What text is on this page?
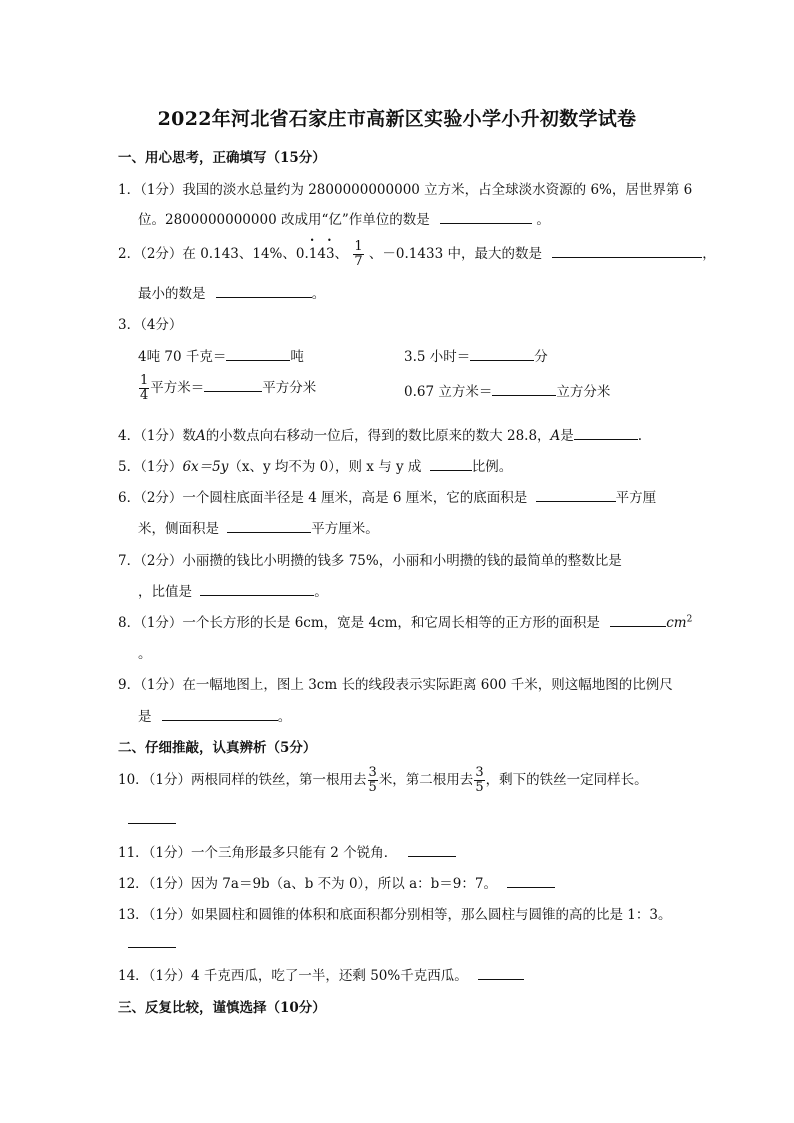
2022年河北省石家庄市高新区实验小学小升初数学试卷
一、用心思考，正确填写（15分）
1．（1分）我国的淡水总量约为 2800000000000 立方米，占全球淡水资源的 6%，居世界第 6
位。2800000000000 改成用“亿”作单位的数是	。
2．（2分）在 0.143、14%、0.• 14• 3、 $\frac{1}{7}$ 、－0.1433 中，最大的数是	，
最小的数是	。
3．（4分）
4吨 70 千克＝	吨	3.5 小时＝	分
$\frac{1}{4}$ 平方米＝	平方分米	0.67 立方米＝	立方分米
4．（1分）数A的小数点向右移动一位后，得到的数比原来的数大 28.8，A是	.
5．（1分）6x＝5y（x、y 均不为 0），则 x 与 y 成	比例。
6．（2分）一个圆柱底面半径是 4 厘米，高是 6 厘米，它的底面积是	平方厘
米，侧面积是	平方厘米。
7．（2分）小丽攒的钱比小明攒的钱多 75%，小丽和小明攒的钱的最简单的整数比是
，比值是	。
8．（1分）一个长方形的长是 6cm，宽是 4cm，和它周长相等的正方形的面积是	$cm^2$
。
9．（1分）在一幅地图上，图上 3cm 长的线段表示实际距离 600 千米，则这幅地图的比例尺
是	。
二、仔细推敲，认真辨析（5分）
10．（1分）两根同样的铁丝，第一根用去 $\frac{3}{5}$ 米，第二根用去 $\frac{3}{5}$ ，剩下的铁丝一定同样长。
11．（1分）一个三角形最多只能有 2 个锐角．
12．（1分）因为 7a＝9b（a、b 不为 0），所以 a：b＝9：7。
13．（1分）如果圆柱和圆锥的体积和底面积都分别相等，那么圆柱与圆锥的高的比是 1：3。
14．（1分）4 千克西瓜，吃了一半，还剩 50%千克西瓜。
三、反复比较，谨慎选择（10分）
